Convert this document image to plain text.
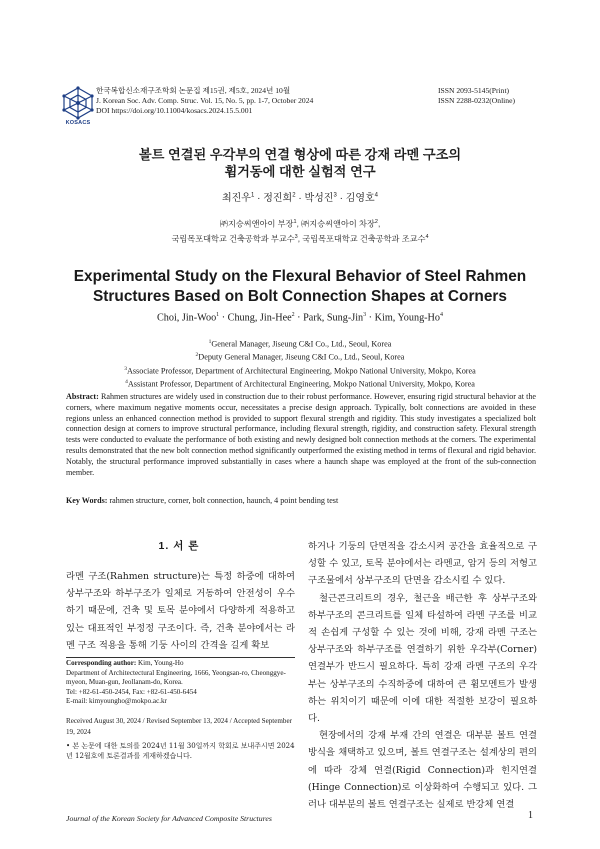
KOSACS
한국복합신소재구조학회 논문집 제15권, 제5호, 2024년 10월
J. Korean Soc. Adv. Comp. Struc. Vol. 15, No. 5, pp. 1-7, October 2024
DOI https://doi.org/10.11004/kosacs.2024.15.5.001
ISSN 2093-5145(Print)
ISSN 2288-0232(Online)
볼트 연결된 우각부의 연결 형상에 따른 강재 라멘 구조의
휨거동에 대한 실험적 연구
최진우$^1$ · 정진희$^2$ · 박성진$^3$ · 김영호$^4$
㈜지승씨앤아이 부장$^1$, ㈜지승씨앤아이 차장$^2$,
국립목포대학교 건축공학과 부교수$^3$, 국립목포대학교 건축공학과 조교수$^4$
Experimental Study on the Flexural Behavior of Steel Rahmen
Structures Based on Bolt Connection Shapes at Corners
Choi, Jin-Woo$^1$ · Chung, Jin-Hee$^2$ · Park, Sung-Jin$^3$ · Kim, Young-Ho$^4$
$^1$General Manager, Jiseung C&I Co., Ltd., Seoul, Korea
$^2$Deputy General Manager, Jiseung C&I Co., Ltd., Seoul, Korea
$^3$Associate Professor, Department of Architectural Engineering, Mokpo National University, Mokpo, Korea
$^4$Assistant Professor, Department of Architectural Engineering, Mokpo National University, Mokpo, Korea
Abstract: Rahmen structures are widely used in construction due to their robust performance. However, ensuring rigid structural behavior at the corners, where maximum negative moments occur, necessitates a precise design approach. Typically, bolt connections are avoided in these regions unless an enhanced connection method is provided to support flexural strength and rigidity. This study investigates a specialized bolt connection design at corners to improve structural performance, including flexural strength, rigidity, and construction safety. Flexural strength tests were conducted to evaluate the performance of both existing and newly designed bolt connection methods at the corners. The experimental results demonstrated that the new bolt connection method significantly outperformed the existing method in terms of flexural and rigid behavior. Notably, the structural performance improved substantially in cases where a haunch shape was employed at the front of the sub-connection member.
Key Words: rahmen structure, corner, bolt connection, haunch, 4 point bending test
1. 서 론
라멘 구조(Rahmen structure)는 특정 하중에 대하여 상부구조와 하부구조가 일체로 거동하여 안전성이 우수하기 때문에, 건축 및 토목 분야에서 다양하게 적용하고 있는 대표적인 부정정 구조이다. 즉, 건축 분야에서는 라멘 구조 적용을 통해 기둥 사이의 간격을 길게 확보

하거나 기둥의 단면적을 감소시켜 공간을 효율적으로 구성할 수 있고, 토목 분야에서는 라멘교, 암거 등의 저형고 구조물에서 상부구조의 단면을 감소시킬 수 있다.

철근콘크리트의 경우, 철근을 배근한 후 상부구조와 하부구조의 콘크리트를 일체 타설하여 라멘 구조를 비교적 손쉽게 구성할 수 있는 것에 비해, 강재 라멘 구조는 상부구조와 하부구조를 연결하기 위한 우각부(Corner) 연결부가 반드시 필요하다. 특히 강재 라멘 구조의 우각부는 상부구조의 수직하중에 대하여 큰 휨모멘트가 발생하는 위치이기 때문에 이에 대한 적절한 보강이 필요하다.

현장에서의 강재 부재 간의 연결은 대부분 볼트 연결 방식을 채택하고 있으며, 볼트 연결구조는 설계상의 편의에 따라 강체 연결(Rigid Connection)과 힌지연결(Hinge Connection)로 이상화하여 수행되고 있다. 그러나 대부분의 볼트 연결구조는 실제로 반강체 연결

Corresponding author: Kim, Young-Ho
Department of Architectectural Engineering, 1666, Yeongsan-ro, Cheonggye-myeon, Muan-gun, Jeollanam-do, Korea.
Tel: +82-61-450-2454, Fax: +82-61-450-6454
E-mail: kimyoungho@mokpo.ac.kr
Received August 30, 2024 / Revised September 13, 2024 / Accepted September 19, 2024
• 본 논문에 대한 토의를 2024년 11월 30일까지 학회로 보내주시면 2024년 12월호에 토론결과를 게재하겠습니다.
Journal of the Korean Society for Advanced Composite Structures	1
